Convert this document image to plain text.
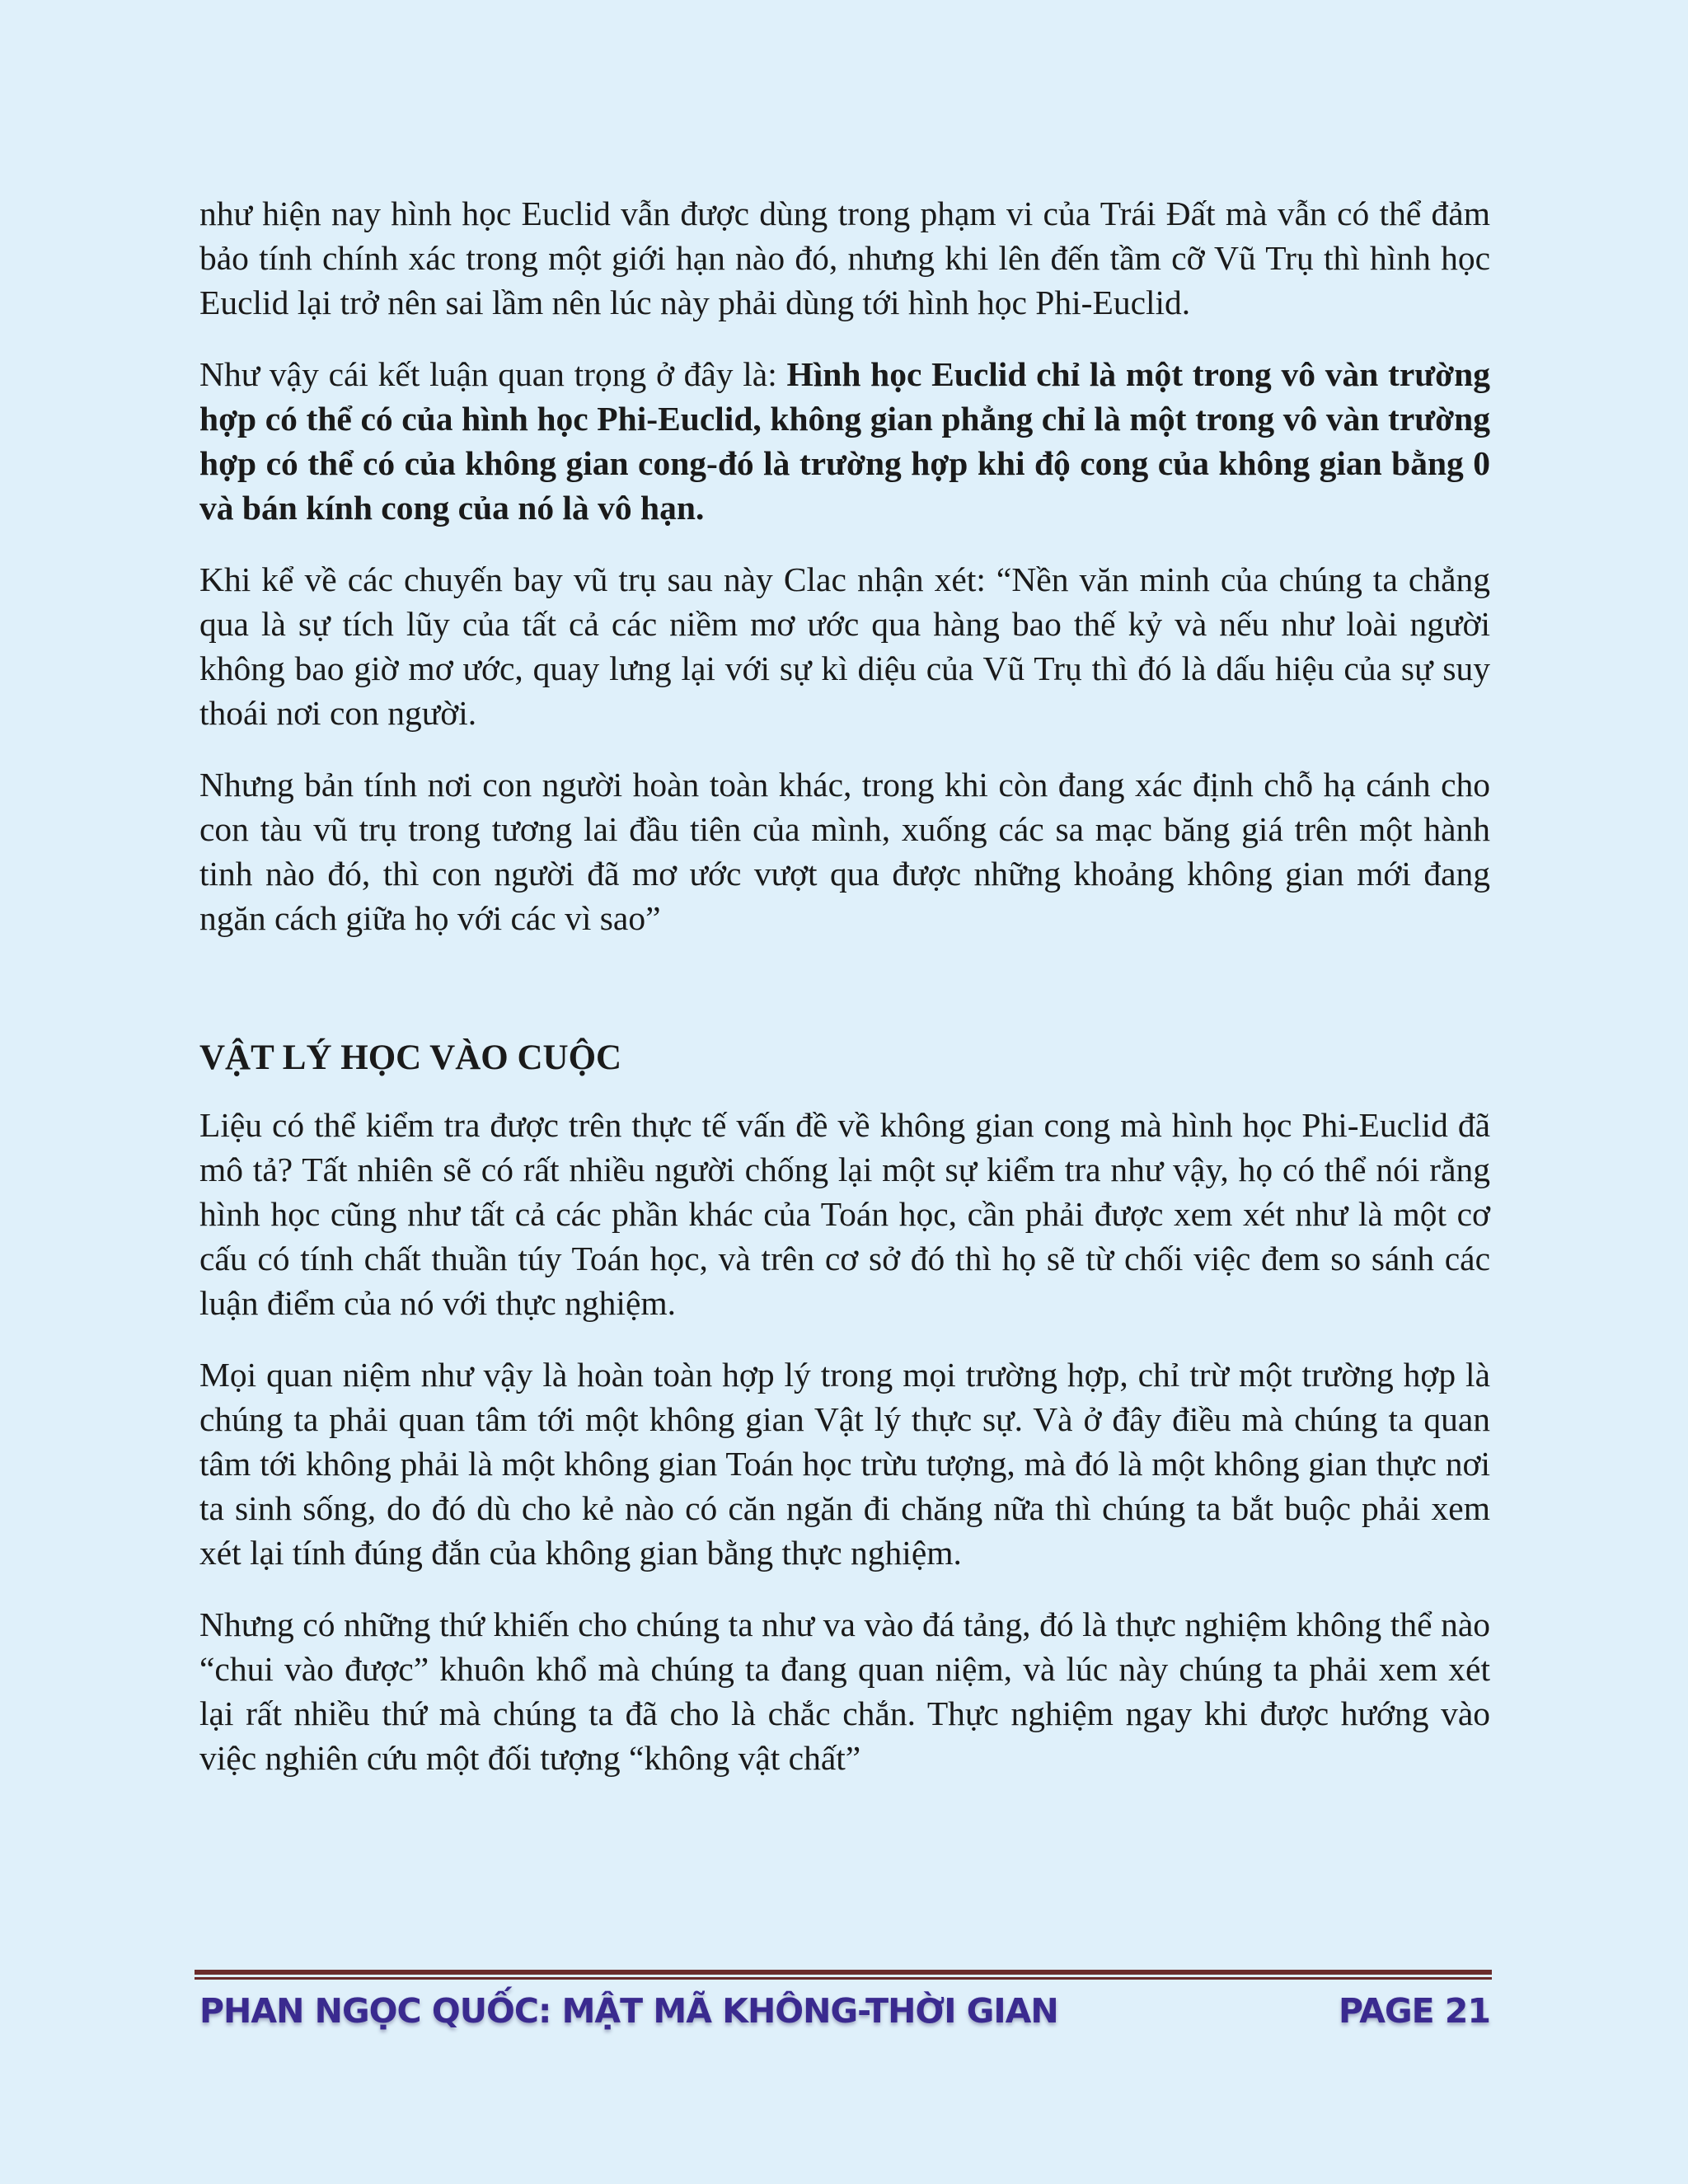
như hiện nay hình học Euclid vẫn được dùng trong phạm vi của Trái Đất mà vẫn có thể đảm bảo tính chính xác trong một giới hạn nào đó, nhưng khi lên đến tầm cỡ Vũ Trụ thì hình học Euclid lại trở nên sai lầm nên lúc này phải dùng tới hình học Phi-Euclid.

Như vậy cái kết luận quan trọng ở đây là: Hình học Euclid chỉ là một trong vô vàn trường hợp có thể có của hình học Phi-Euclid, không gian phẳng chỉ là một trong vô vàn trường hợp có thể có của không gian cong-đó là trường hợp khi độ cong của không gian bằng 0 và bán kính cong của nó là vô hạn.

Khi kể về các chuyến bay vũ trụ sau này Clac nhận xét: “Nền văn minh của chúng ta chẳng qua là sự tích lũy của tất cả các niềm mơ ước qua hàng bao thế kỷ và nếu như loài người không bao giờ mơ ước, quay lưng lại với sự kì diệu của Vũ Trụ thì đó là dấu hiệu của sự suy thoái nơi con người.

Nhưng bản tính nơi con người hoàn toàn khác, trong khi còn đang xác định chỗ hạ cánh cho con tàu vũ trụ trong tương lai đầu tiên của mình, xuống các sa mạc băng giá trên một hành tinh nào đó, thì con người đã mơ ước vượt qua được những khoảng không gian mới đang ngăn cách giữa họ với các vì sao”

VẬT LÝ HỌC VÀO CUỘC

Liệu có thể kiểm tra được trên thực tế vấn đề về không gian cong mà hình học Phi-Euclid đã mô tả? Tất nhiên sẽ có rất nhiều người chống lại một sự kiểm tra như vậy, họ có thể nói rằng hình học cũng như tất cả các phần khác của Toán học, cần phải được xem xét như là một cơ cấu có tính chất thuần túy Toán học, và trên cơ sở đó thì họ sẽ từ chối việc đem so sánh các luận điểm của nó với thực nghiệm.

Mọi quan niệm như vậy là hoàn toàn hợp lý trong mọi trường hợp, chỉ trừ một trường hợp là chúng ta phải quan tâm tới một không gian Vật lý thực sự. Và ở đây điều mà chúng ta quan tâm tới không phải là một không gian Toán học trừu tượng, mà đó là một không gian thực nơi ta sinh sống, do đó dù cho kẻ nào có căn ngăn đi chăng nữa thì chúng ta bắt buộc phải xem xét lại tính đúng đắn của không gian bằng thực nghiệm.

Nhưng có những thứ khiến cho chúng ta như va vào đá tảng, đó là thực nghiệm không thể nào “chui vào được” khuôn khổ mà chúng ta đang quan niệm, và lúc này chúng ta phải xem xét lại rất nhiều thứ mà chúng ta đã cho là chắc chắn. Thực nghiệm ngay khi được hướng vào việc nghiên cứu một đối tượng “không vật chất”

PHAN NGỌC QUỐC: MẬT MÃ KHÔNG-THỜI GIAN	PAGE 21
